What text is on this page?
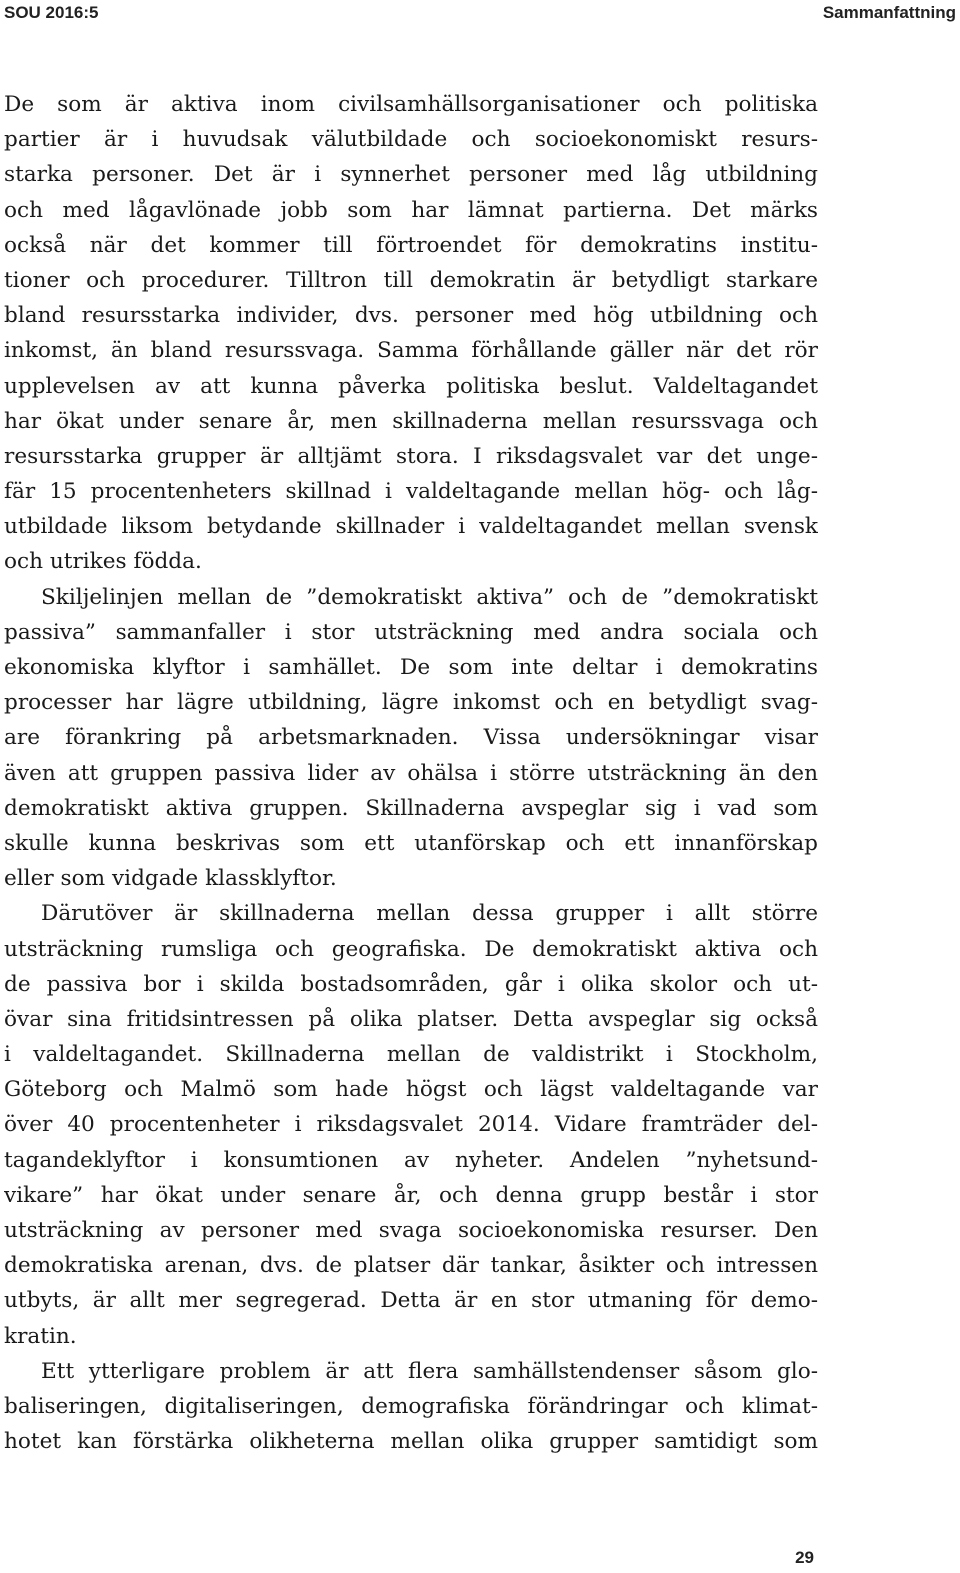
SOU 2016:5	Sammanfattning
De som är aktiva inom civilsamhällsorganisationer och politiska
partier är i huvudsak välutbildade och socioekonomiskt resurs-
starka personer. Det är i synnerhet personer med låg utbildning
och med lågavlönade jobb som har lämnat partierna. Det märks
också när det kommer till förtroendet för demokratins institu-
tioner och procedurer. Tilltron till demokratin är betydligt starkare
bland resursstarka individer, dvs. personer med hög utbildning och
inkomst, än bland resurssvaga. Samma förhållande gäller när det rör
upplevelsen av att kunna påverka politiska beslut. Valdeltagandet
har ökat under senare år, men skillnaderna mellan resurssvaga och
resursstarka grupper är alltjämt stora. I riksdagsvalet var det unge-
fär 15 procentenheters skillnad i valdeltagande mellan hög- och låg-
utbildade liksom betydande skillnader i valdeltagandet mellan svensk
och utrikes födda.
Skiljelinjen mellan de ”demokratiskt aktiva” och de ”demokratiskt
passiva” sammanfaller i stor utsträckning med andra sociala och
ekonomiska klyftor i samhället. De som inte deltar i demokratins
processer har lägre utbildning, lägre inkomst och en betydligt svag-
are förankring på arbetsmarknaden. Vissa undersökningar visar
även att gruppen passiva lider av ohälsa i större utsträckning än den
demokratiskt aktiva gruppen. Skillnaderna avspeglar sig i vad som
skulle kunna beskrivas som ett utanförskap och ett innanförskap
eller som vidgade klassklyftor.
Därutöver är skillnaderna mellan dessa grupper i allt större
utsträckning rumsliga och geografiska. De demokratiskt aktiva och
de passiva bor i skilda bostadsområden, går i olika skolor och ut-
övar sina fritidsintressen på olika platser. Detta avspeglar sig också
i valdeltagandet. Skillnaderna mellan de valdistrikt i Stockholm,
Göteborg och Malmö som hade högst och lägst valdeltagande var
över 40 procentenheter i riksdagsvalet 2014. Vidare framträder del-
tagandeklyftor i konsumtionen av nyheter. Andelen ”nyhetsund-
vikare” har ökat under senare år, och denna grupp består i stor
utsträckning av personer med svaga socioekonomiska resurser. Den
demokratiska arenan, dvs. de platser där tankar, åsikter och intressen
utbyts, är allt mer segregerad. Detta är en stor utmaning för demo-
kratin.
Ett ytterligare problem är att flera samhällstendenser såsom glo-
baliseringen, digitaliseringen, demografiska förändringar och klimat-
hotet kan förstärka olikheterna mellan olika grupper samtidigt som
29
